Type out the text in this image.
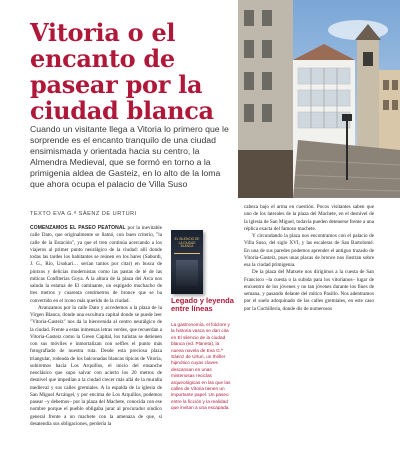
Vitoria o el encanto de pasear por la ciudad blanca

Cuando un visitante llega a Vitoria lo primero que le sorprende es el encanto tranquilo de una ciudad ensimismada y orientada hacia su centro, la Almendra Medieval, que se formó en torno a la primigenia aldea de Gasteiz, en lo alto de la loma que ahora ocupa el palacio de Villa Suso

TEXTO EVA G.ª SÁENZ DE URTURI

COMENZAMOS EL PASEO PEATONAL por la inevitable calle Dato, que originalmente se llamó, con buen criterio, "la calle de la Estación", ya que el tren continúa acercando a los viajeros al primer punto neurálgico de la ciudad: allí donde todas las tardes los habitantes se reúnen en los bares (Saburdi, J. G., Río, Usokari… serían tantos por citar) en busca de pintxos y delicias modernistas como las pastas de té de las míticas Confiterías Goya. A la altura de la plaza del Arca nos saluda la estatua de El caminante, un espigado muchacho de tres metros y cuarenta centímetros de bronce que se ha convertido en el icono más querido de la ciudad.
Avanzamos por la calle Dato y accedemos a la plaza de la Virgen Blanca, donde una escultura capital donde se puede leer "Vitoria-Gasteiz" nos da la bienvenida al centro neurálgico de la ciudad. Frente a estas inmensas letras verdes, que recuerdan a Vitoria-Gasteiz como la Green Capital, los turistas se detienen con sus móviles e inmortalizan con selfies el punto más fotografiado de nuestra ruta. Desde esta preciosa plaza triangular, rodeada de los balconadas blancas típicas de Vitoria, subiremos hacia Los Arquillos, el inicio del ensanche neoclásico que supo salvar con acierto los 20 metros de desnivel que impedían a la ciudad crecer más allá de la muralla medieval y sus calles gremiales. A la espalda de la iglesia de San Miguel Arcángel, y por encima de Los Arquillos, podemos pasear –y debemos– por la plaza del Machete, conocida con ese nombre porque el pueblo obligaba jurar al procurador síndico general frente a un machete con la amenaza de que, si desatendía sus obligaciones, perdería la
EL SILENCIO DE LA CIUDAD BLANCA
Legado y leyenda entre líneas

La gastronomía, el folclore y la historia vasca se dan cita en El silencio de la ciudad blanca (ed. Planeta), la nueva novela de Eva G.ª Sáenz de Urturi, un thriller hipnótico cuyas claves descansan en unas misteriosas reciclas arqueológicas en las que las calles de Vitoria tienen un importante papel. Un paseo entre la ficción y la realidad que invitan a una escapada.

cabeza bajo el arma en cuestión. Pocos visitantes saben que uno de los laterales de la plaza del Machete, en el desnivel de la iglesia de San Miguel, todavía pueden detenerse frente a una réplica exacta del famoso machete.
Y circundando la plaza nos encontramos con el palacio de Villa Suso, del siglo XVI, y las escaleras de San Bartolomé. En una de sus paredes podemos aprender el antiguo trazado de Vitoria-Gasteiz, pues unas placas de bronce nos ilustran sobre esa la ciudad primigenia.
De la plaza del Matxete nos dirigimos a la cuesta de San Francisco –la cuesta o la subida para los vitorianos– lugar de encuentro de los jóvenes y no tan jóvenes durante los fines de semana, y pasando delante del mítico Pasillo. Nos adentramos por el suelo adoquinado de las calles gremiales, en este caso por la Cuchillería, donde dis de numerosos
